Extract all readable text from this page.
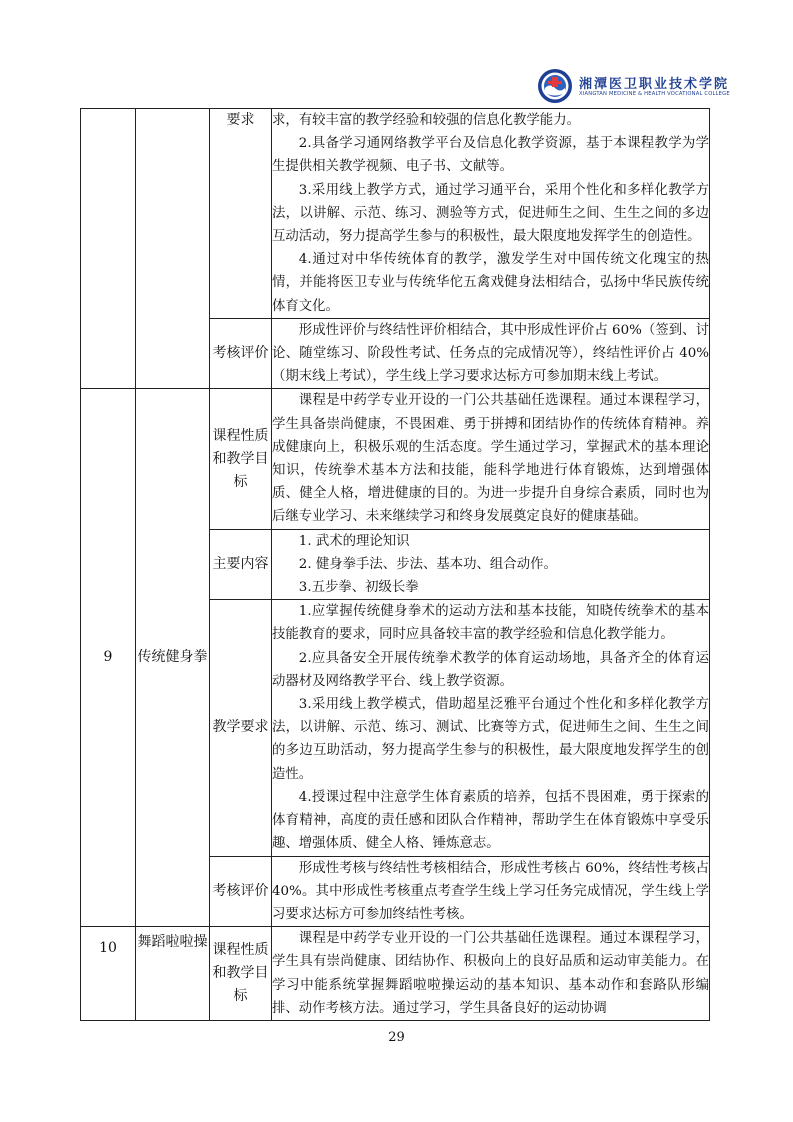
湘潭医卫职业技术学院
XIANGTAN MEDICINE & HEALTH VOCATIONAL COLLEGE
		要求	求，有较丰富的教学经验和较强的信息化教学能力。

2.具备学习通网络教学平台及信息化教学资源，基于本课程教学为学生提供相关教学视频、电子书、文献等。

3.采用线上教学方式，通过学习通平台，采用个性化和多样化教学方法，以讲解、示范、练习、测验等方式，促进师生之间、生生之间的多边互动活动，努力提高学生参与的积极性，最大限度地发挥学生的创造性。

4.通过对中华传统体育的教学，激发学生对中国传统文化瑰宝的热情，并能将医卫专业与传统华佗五禽戏健身法相结合，弘扬中华民族传统体育文化。

		考核评价	形成性评价与终结性评价相结合，其中形成性评价占 60%（签到、讨论、随堂练习、阶段性考试、任务点的完成情况等），终结性评价占 40%（期末线上考试），学生线上学习要求达标方可参加期末线上考试。

9	传统健身拳	课程性质和教学目标	课程是中药学专业开设的一门公共基础任选课程。通过本课程学习，学生具备崇尚健康，不畏困难、勇于拼搏和团结协作的传统体育精神。养成健康向上，积极乐观的生活态度。学生通过学习，掌握武术的基本理论知识，传统拳术基本方法和技能，能科学地进行体育锻炼，达到增强体质、健全人格，增进健康的目的。为进一步提升自身综合素质，同时也为后继专业学习、未来继续学习和终身发展奠定良好的健康基础。

		主要内容	1. 武术的理论知识

2. 健身拳手法、步法、基本功、组合动作。

3.五步拳、初级长拳

		教学要求	1.应掌握传统健身拳术的运动方法和基本技能，知晓传统拳术的基本技能教育的要求，同时应具备较丰富的教学经验和信息化教学能力。

2.应具备安全开展传统拳术教学的体育运动场地，具备齐全的体育运动器材及网络教学平台、线上教学资源。

3.采用线上教学模式，借助超星泛雅平台通过个性化和多样化教学方法，以讲解、示范、练习、测试、比赛等方式，促进师生之间、生生之间的多边互助活动，努力提高学生参与的积极性，最大限度地发挥学生的创造性。

4.授课过程中注意学生体育素质的培养，包括不畏困难，勇于探索的体育精神，高度的责任感和团队合作精神，帮助学生在体育锻炼中享受乐趣、增强体质、健全人格、锤炼意志。

		考核评价	形成性考核与终结性考核相结合，形成性考核占 60%，终结性考核占 40%。其中形成性考核重点考查学生线上学习任务完成情况，学生线上学习要求达标方可参加终结性考核。

10	舞蹈啦啦操	课程性质和教学目标	课程是中药学专业开设的一门公共基础任选课程。通过本课程学习，学生具有崇尚健康、团结协作、积极向上的良好品质和运动审美能力。在学习中能系统掌握舞蹈啦啦操运动的基本知识、基本动作和套路队形编排、动作考核方法。通过学习，学生具备良好的运动协调

29
